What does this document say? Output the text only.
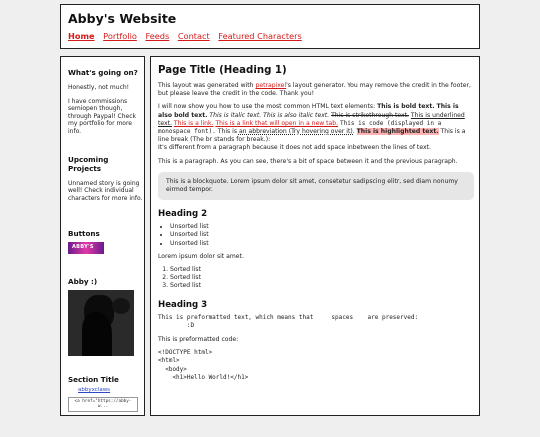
Abby's Website
Home Portfolio Feeds Contact Featured Characters
What's going on?
Honestly, not much!
I have commissions semiopen though, through Paypal! Check my portfolio for more info.
Upcoming Projects
Unnamed story is going well! Check individual characters for more info.
Buttons
ABBY'S
Abby :)
Section Title
abbyxclaws
<a href="https://abby-w...
Page Title (Heading 1)

This layout was generated with petrapixel's layout generator. You may remove the credit in the footer, but please leave the credit in the code. Thank you!

I will now show you how to use the most common HTML text elements: This is bold text. This is also bold text. This is italic text. This is also italic text. This is strikethrough text. This is underlined text. This is a link. This is a link that will open in a new tab. This is code (displayed in a monospace font). This is an abbreviation (Try hovering over it). This is highlighted text. This is a line break (The br stands for break.):
It's different from a paragraph because it does not add space inbetween the lines of text.

This is a paragraph. As you can see, there's a bit of space between it and the previous paragraph.

This is a blockquote. Lorem ipsum dolor sit amet, consetetur sadipscing elitr, sed diam nonumy eirmod tempor.
Heading 2
• Unsorted list
• Unsorted list
• Unsorted list

Lorem ipsum dolor sit amet.

1. Sorted list
2. Sorted list
3. Sorted list
Heading 3
This is preformatted text, which means that     spaces    are preserved:
:D

This is preformatted code:

<!DOCTYPE html>
<html>
<body>
<h1>Hello World!</h1>
